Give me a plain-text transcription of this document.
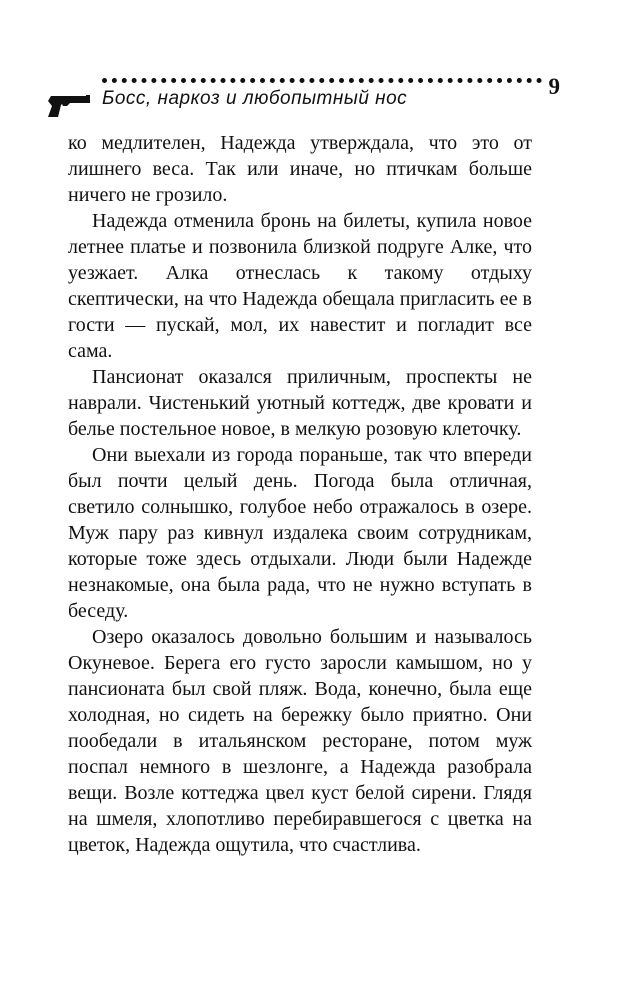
Босс, наркоз и любопытный нос	9

ко медлителен, Надежда утверждала, что это от лишнего веса. Так или иначе, но птичкам больше ничего не грозило.

Надежда отменила бронь на билеты, купила новое летнее платье и позвонила близкой подруге Алке, что уезжает. Алка отнеслась к такому отдыху скептически, на что Надежда обещала пригласить ее в гости — пускай, мол, их навестит и погладит все сама.

Пансионат оказался приличным, проспекты не наврали. Чистенький уютный коттедж, две кровати и белье постельное новое, в мелкую розовую клеточку.

Они выехали из города пораньше, так что впереди был почти целый день. Погода была отличная, светило солнышко, голубое небо отражалось в озере. Муж пару раз кивнул издалека своим сотрудникам, которые тоже здесь отдыхали. Люди были Надежде незнакомые, она была рада, что не нужно вступать в беседу.

Озеро оказалось довольно большим и называлось Окуневое. Берега его густо заросли камышом, но у пансионата был свой пляж. Вода, конечно, была еще холодная, но сидеть на бережку было приятно. Они пообедали в итальянском ресторане, потом муж поспал немного в шезлонге, а Надежда разобрала вещи. Возле коттеджа цвел куст белой сирени. Глядя на шмеля, хлопотливо перебиравшегося с цветка на цветок, Надежда ощутила, что счастлива.
